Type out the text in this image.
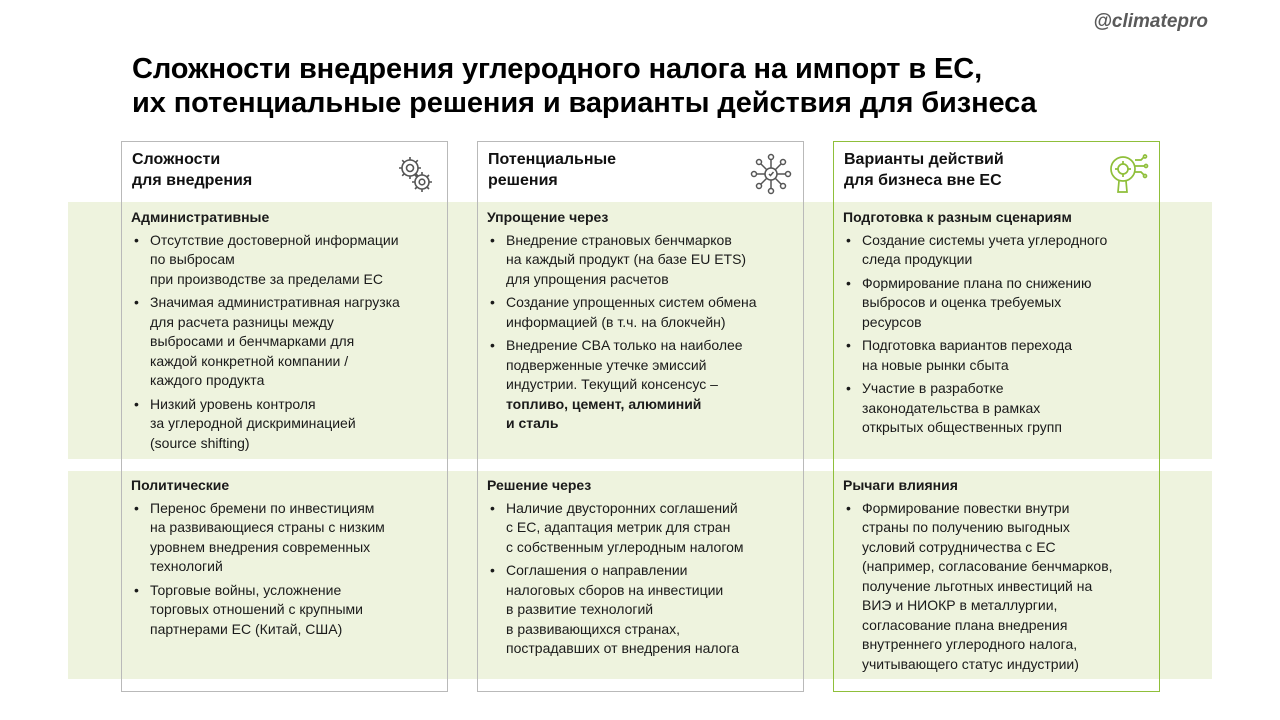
@climatepro
Сложности внедрения углеродного налога на импорт в ЕС,
их потенциальные решения и варианты действия для бизнеса
Сложности
для внедрения
Административные
• Отсутствие достоверной информации
по выбросам
при производстве за пределами ЕС
• Значимая административная нагрузка
для расчета разницы между
выбросами и бенчмарками для
каждой конкретной компании /
каждого продукта
• Низкий уровень контроля
за углеродной дискриминацией
(source shifting)
Политические
• Перенос бремени по инвестициям
на развивающиеся страны с низким
уровнем внедрения современных
технологий
• Торговые войны, усложнение
торговых отношений с крупными
партнерами ЕС (Китай, США)
Потенциальные
решения
Упрощение через
• Внедрение страновых бенчмарков
на каждый продукт (на базе EU ETS)
для упрощения расчетов
• Создание упрощенных систем обмена
информацией (в т.ч. на блокчейн)
• Внедрение CBA только на наиболее
подверженные утечке эмиссий
индустрии. Текущий консенсус –
топливо, цемент, алюминий
и сталь
Решение через
• Наличие двусторонних соглашений
с ЕС, адаптация метрик для стран
с собственным углеродным налогом
• Соглашения о направлении
налоговых сборов на инвестиции
в развитие технологий
в развивающихся странах,
пострадавших от внедрения налога
Варианты действий
для бизнеса вне ЕС
Подготовка к разным сценариям
• Создание системы учета углеродного
следа продукции
• Формирование плана по снижению
выбросов и оценка требуемых
ресурсов
• Подготовка вариантов перехода
на новые рынки сбыта
• Участие в разработке
законодательства в рамках
открытых общественных групп
Рычаги влияния
• Формирование повестки внутри
страны по получению выгодных
условий сотрудничества с ЕС
(например, согласование бенчмарков,
получение льготных инвестиций на
ВИЭ и НИОКР в металлургии,
согласование плана внедрения
внутреннего углеродного налога,
учитывающего статус индустрии)
